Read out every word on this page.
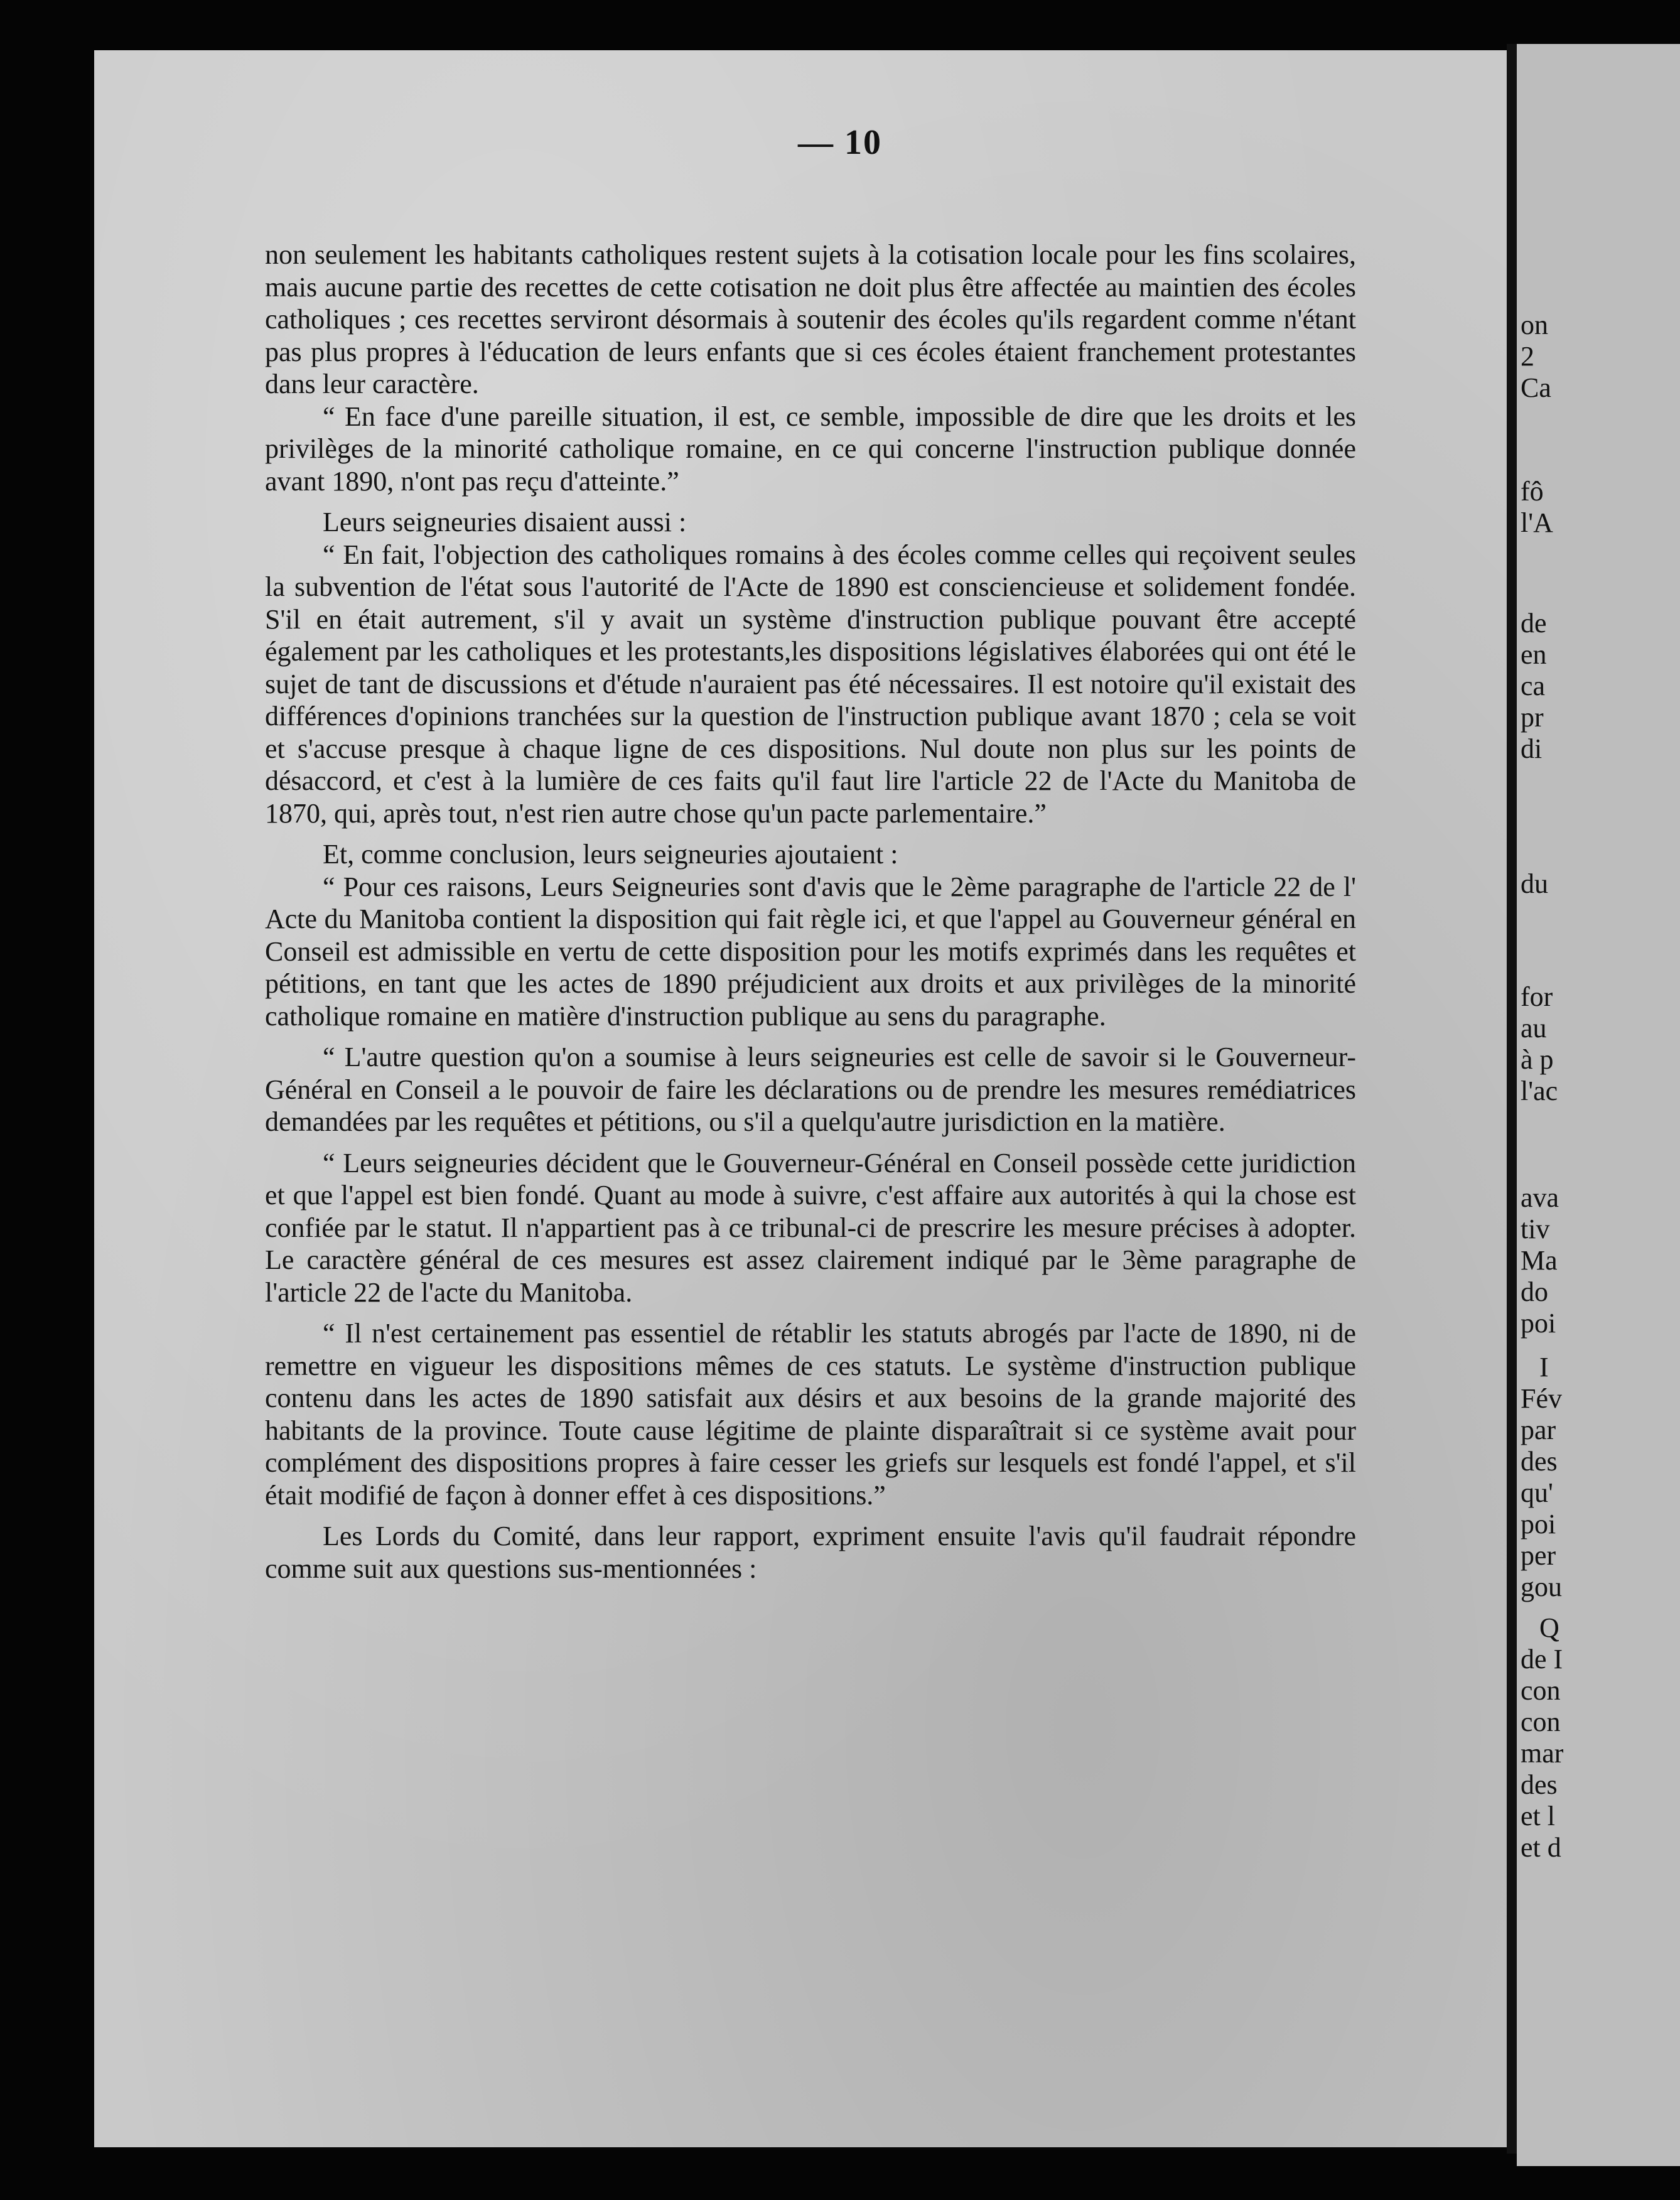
— 10

non seulement les habitants catholiques restent sujets à la cotisation locale pour les fins scolaires, mais aucune partie des recettes de cette cotisation ne doit plus être affectée au maintien des écoles catholiques ; ces recettes serviront désormais à soutenir des écoles qu'ils regardent comme n'étant pas plus propres à l'éducation de leurs enfants que si ces écoles étaient franchement protestantes dans leur caractère.

“ En face d'une pareille situation, il est, ce semble, impossible de dire que les droits et les privilèges de la minorité catholique romaine, en ce qui concerne l'instruction publique donnée avant 1890, n'ont pas reçu d'atteinte.”

Leurs seigneuries disaient aussi :

“ En fait, l'objection des catholiques romains à des écoles comme celles qui reçoivent seules la subvention de l'état sous l'autorité de l'Acte de 1890 est consciencieuse et solidement fondée. S'il en était autrement, s'il y avait un système d'instruction publique pouvant être accepté également par les catholiques et les protestants,les dispositions législatives élaborées qui ont été le sujet de tant de discussions et d'étude n'auraient pas été nécessaires. Il est notoire qu'il existait des différences d'opinions tranchées sur la question de l'instruction publique avant 1870 ; cela se voit et s'accuse presque à chaque ligne de ces dispositions. Nul doute non plus sur les points de désaccord, et c'est à la lumière de ces faits qu'il faut lire l'article 22 de l'Acte du Manitoba de 1870, qui, après tout, n'est rien autre chose qu'un pacte parlementaire.”

Et, comme conclusion, leurs seigneuries ajoutaient :

“ Pour ces raisons, Leurs Seigneuries sont d'avis que le 2ème paragraphe de l'article 22 de l' Acte du Manitoba contient la disposition qui fait règle ici, et que l'appel au Gouverneur général en Conseil est admissible en vertu de cette disposition pour les motifs exprimés dans les requêtes et pétitions, en tant que les actes de 1890 préjudicient aux droits et aux privilèges de la minorité catholique romaine en matière d'instruction publique au sens du paragraphe.

“ L'autre question qu'on a soumise à leurs seigneuries est celle de savoir si le Gouverneur-Général en Conseil a le pouvoir de faire les déclarations ou de prendre les mesures remédiatrices demandées par les requêtes et pétitions, ou s'il a quelqu'autre jurisdiction en la matière.

“ Leurs seigneuries décident que le Gouverneur-Général en Conseil possède cette juridiction et que l'appel est bien fondé. Quant au mode à suivre, c'est affaire aux autorités à qui la chose est confiée par le statut. Il n'appartient pas à ce tribunal-ci de prescrire les mesure précises à adopter. Le caractère général de ces mesures est assez clairement indiqué par le 3ème paragraphe de l'article 22 de l'acte du Manitoba.

“ Il n'est certainement pas essentiel de rétablir les statuts abrogés par l'acte de 1890, ni de remettre en vigueur les dispositions mêmes de ces statuts. Le système d'instruction publique contenu dans les actes de 1890 satisfait aux désirs et aux besoins de la grande majorité des habitants de la province. Toute cause légitime de plainte disparaîtrait si ce système avait pour complément des dispositions propres à faire cesser les griefs sur lesquels est fondé l'appel, et s'il était modifié de façon à donner effet à ces dispositions.”

Les Lords du Comité, dans leur rapport, expriment ensuite l'avis qu'il faudrait répondre comme suit aux questions sus-mentionnées :

on
2
Ca
fô
l'A
de
en
ca
pr
di
du
for
au
à p
l'ac
ava
tiv
Ma
do
poi
I
Fév
par
des
qu'
poi
per
gou
Q
de I
con
con
mar
des
et l
et d
